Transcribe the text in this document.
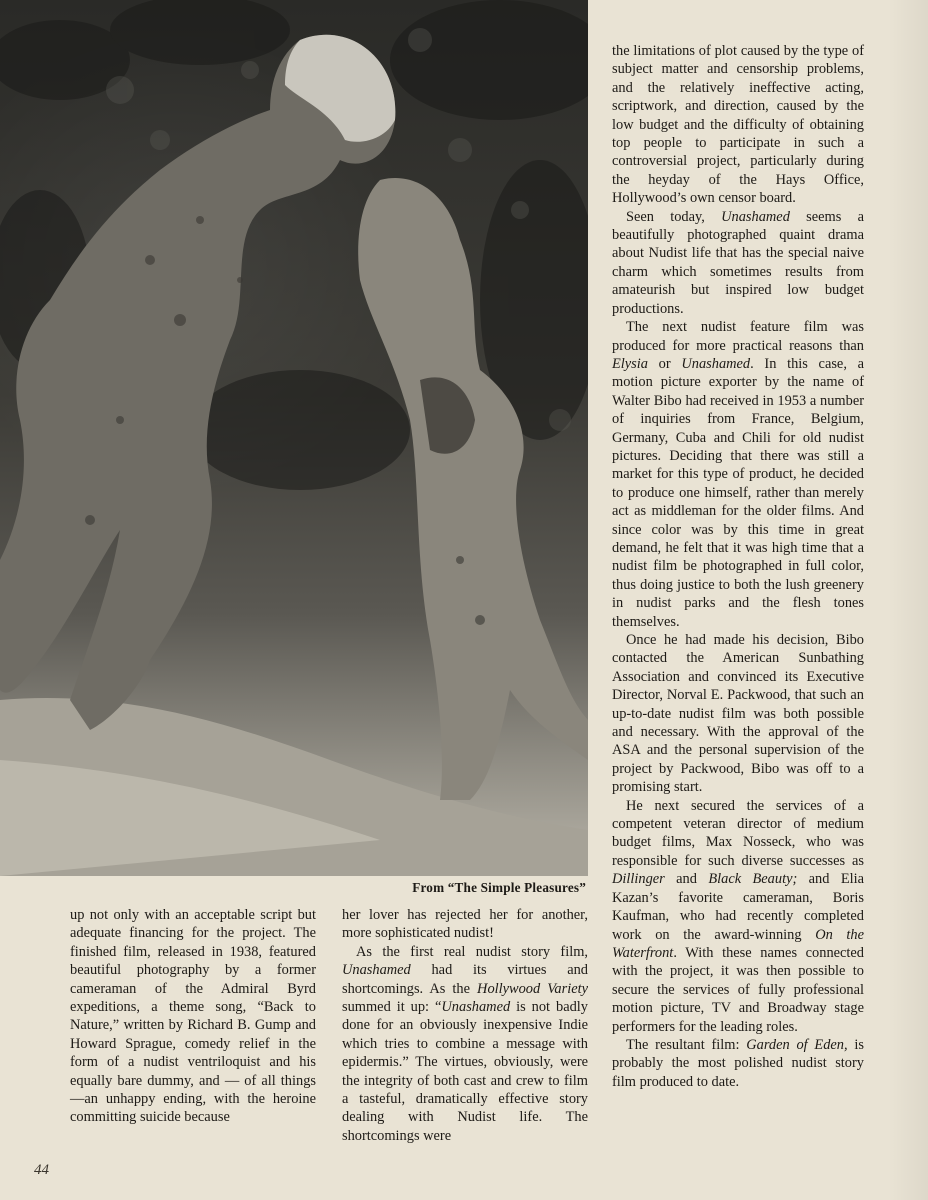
From “The Simple Pleasures”

up not only with an acceptable script but adequate financing for the project. The finished film, released in 1938, featured beautiful photography by a former cameraman of the Admiral Byrd expeditions, a theme song, “Back to Nature,” written by Richard B. Gump and Howard Sprague, comedy relief in the form of a nudist ventriloquist and his equally bare dummy, and — of all things—an unhappy ending, with the heroine committing suicide because

her lover has rejected her for another, more sophisticated nudist!

As the first real nudist story film, Unashamed had its virtues and shortcomings. As the Hollywood Variety summed it up: “Unashamed is not badly done for an obviously inexpensive Indie which tries to combine a message with epidermis.” The virtues, obviously, were the integrity of both cast and crew to film a tasteful, dramatically effective story dealing with Nudist life. The shortcomings were

the limitations of plot caused by the type of subject matter and censorship problems, and the relatively ineffective acting, scriptwork, and direction, caused by the low budget and the difficulty of obtaining top people to participate in such a controversial project, particularly during the heyday of the Hays Office, Hollywood’s own censor board.

Seen today, Unashamed seems a beautifully photographed quaint drama about Nudist life that has the special naive charm which sometimes results from amateurish but inspired low budget productions.

The next nudist feature film was produced for more practical reasons than Elysia or Unashamed. In this case, a motion picture exporter by the name of Walter Bibo had received in 1953 a number of inquiries from France, Belgium, Germany, Cuba and Chili for old nudist pictures. Deciding that there was still a market for this type of product, he decided to produce one himself, rather than merely act as middleman for the older films. And since color was by this time in great demand, he felt that it was high time that a nudist film be photographed in full color, thus doing justice to both the lush greenery in nudist parks and the flesh tones themselves.

Once he had made his decision, Bibo contacted the American Sunbathing Association and convinced its Executive Director, Norval E. Packwood, that such an up-to-date nudist film was both possible and necessary. With the approval of the ASA and the personal supervision of the project by Packwood, Bibo was off to a promising start.

He next secured the services of a competent veteran director of medium budget films, Max Nosseck, who was responsible for such diverse successes as Dillinger and Black Beauty; and Elia Kazan’s favorite cameraman, Boris Kaufman, who had recently completed work on the award-winning On the Waterfront. With these names connected with the project, it was then possible to secure the services of fully professional motion picture, TV and Broadway stage performers for the leading roles.

The resultant film: Garden of Eden, is probably the most polished nudist story film produced to date.

44
